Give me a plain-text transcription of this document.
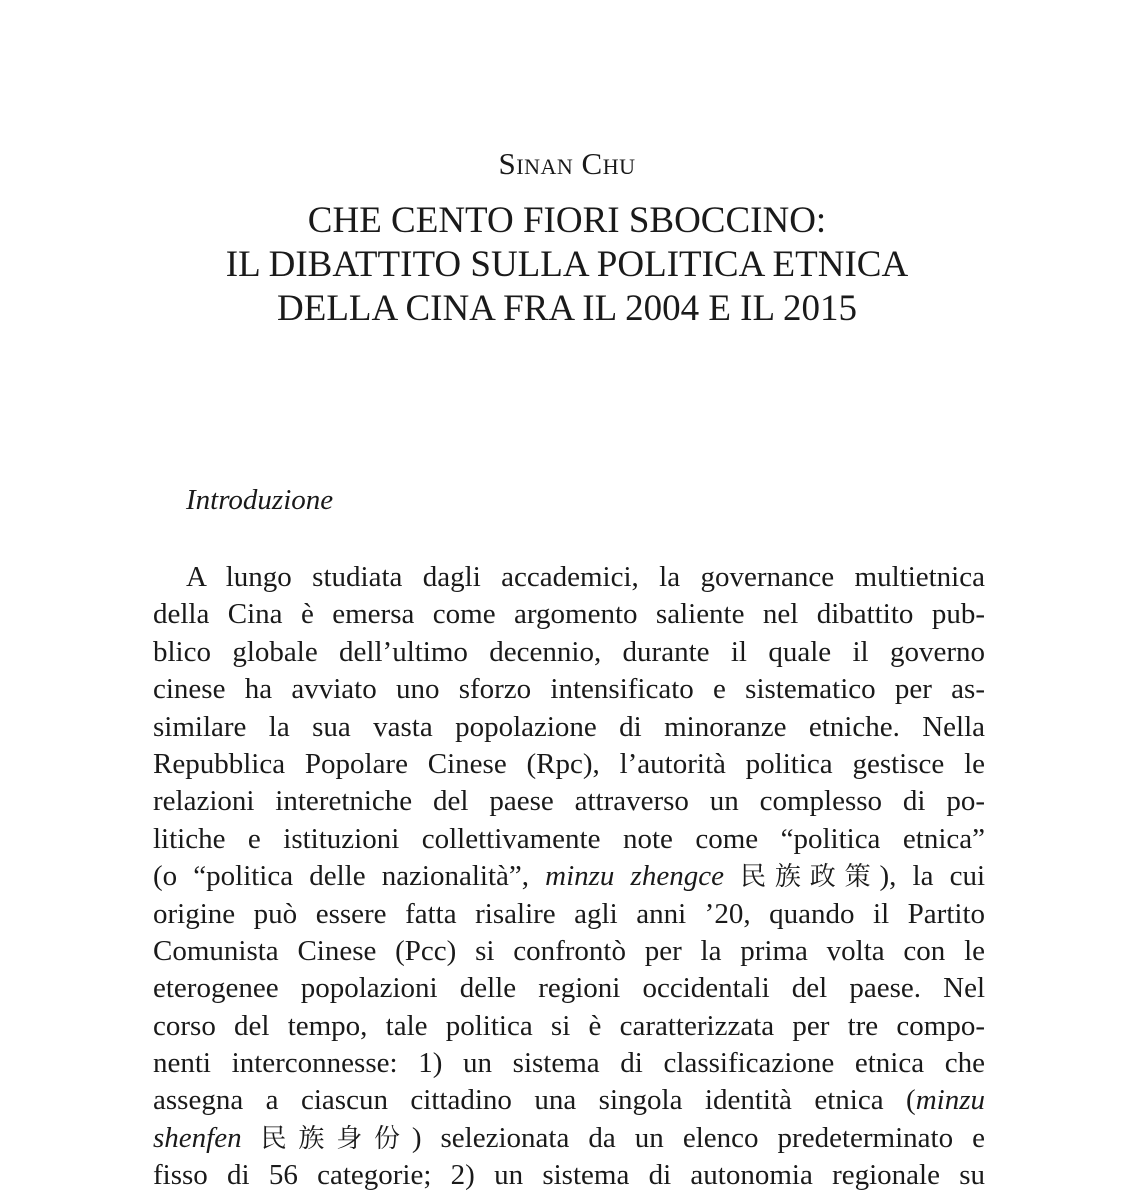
Sinan Chu
CHE CENTO FIORI SBOCCINO:
IL DIBATTITO SULLA POLITICA ETNICA
DELLA CINA FRA IL 2004 E IL 2015
Introduzione
A lungo studiata dagli accademici, la governance multietnica
della Cina è emersa come argomento saliente nel dibattito pub-
blico globale dell’ultimo decennio, durante il quale il governo
cinese ha avviato uno sforzo intensificato e sistematico per as-
similare la sua vasta popolazione di minoranze etniche. Nella
Repubblica Popolare Cinese (Rpc), l’autorità politica gestisce le
relazioni interetniche del paese attraverso un complesso di po-
litiche e istituzioni collettivamente note come “politica etnica”
(o “politica delle nazionalità”, minzu zhengce 民族政策), la cui
origine può essere fatta risalire agli anni ’20, quando il Partito
Comunista Cinese (Pcc) si confrontò per la prima volta con le
eterogenee popolazioni delle regioni occidentali del paese. Nel
corso del tempo, tale politica si è caratterizzata per tre compo-
nenti interconnesse: 1) un sistema di classificazione etnica che
assegna a ciascun cittadino una singola identità etnica (minzu
shenfen 民族身份) selezionata da un elenco predeterminato e
fisso di 56 categorie; 2) un sistema di autonomia regionale su
